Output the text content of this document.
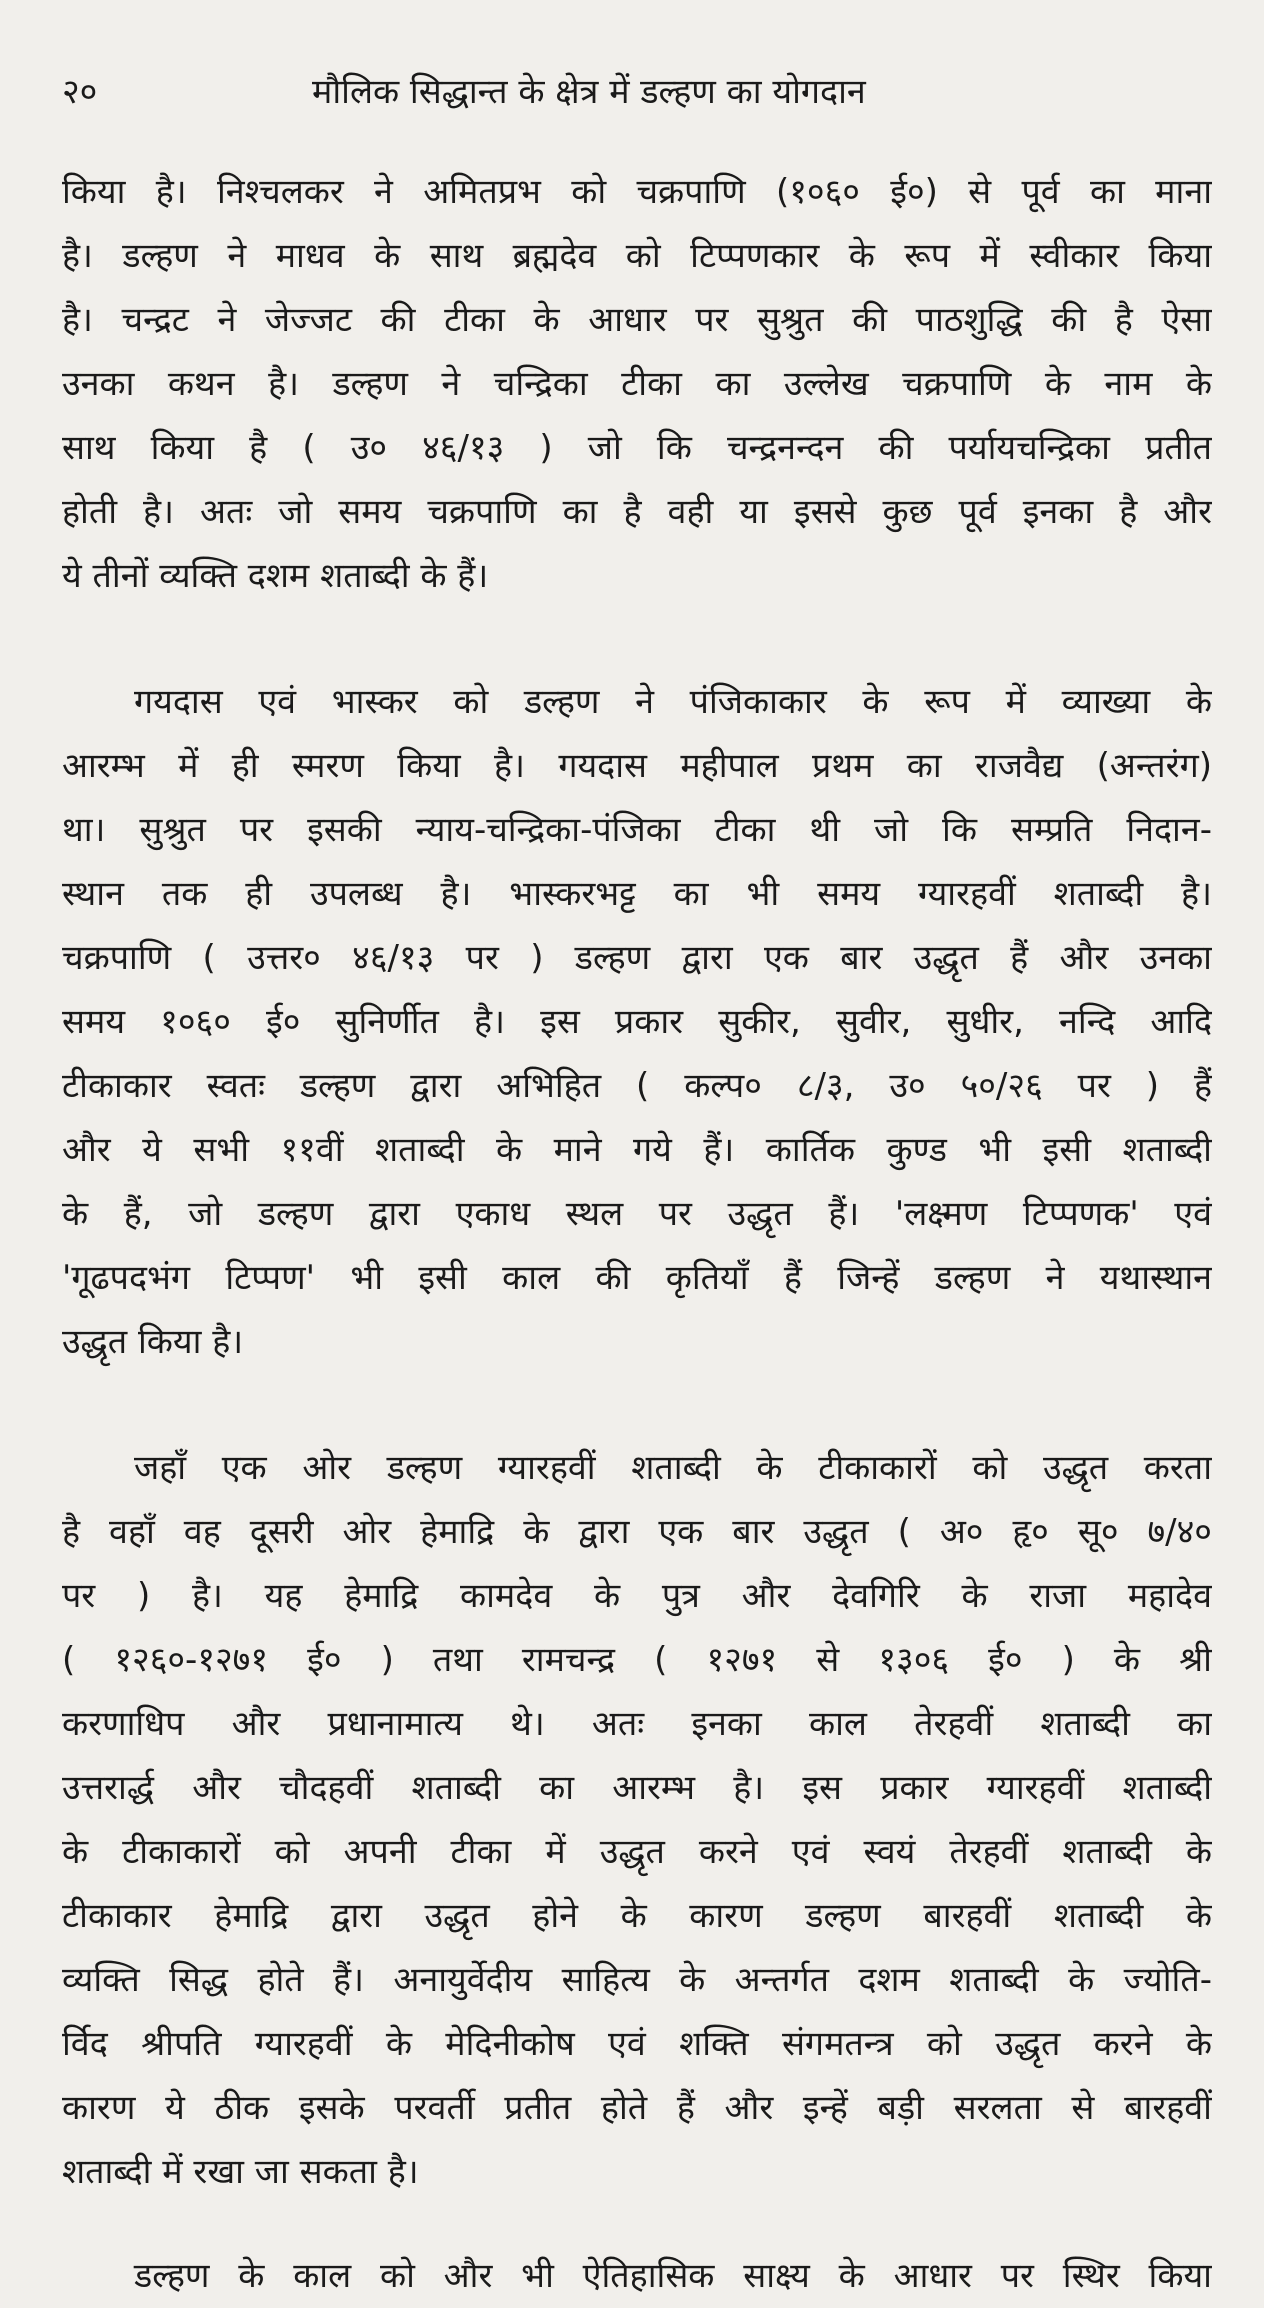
२०	मौलिक सिद्धान्त के क्षेत्र में डल्हण का योगदान
किया है। निश्चलकर ने अमितप्रभ को चक्रपाणि (१०६० ई०) से पूर्व का माना
है। डल्हण ने माधव के साथ ब्रह्मदेव को टिप्पणकार के रूप में स्वीकार किया
है। चन्द्रट ने जेज्जट की टीका के आधार पर सुश्रुत की पाठशुद्धि की है ऐसा
उनका कथन है। डल्हण ने चन्द्रिका टीका का उल्लेख चक्रपाणि के नाम के
साथ किया है ( उ० ४६/१३ ) जो कि चन्द्रनन्दन की पर्यायचन्द्रिका प्रतीत
होती है। अतः जो समय चक्रपाणि का है वही या इससे कुछ पूर्व इनका है और
ये तीनों व्यक्ति दशम शताब्दी के हैं।
गयदास एवं भास्कर को डल्हण ने पंजिकाकार के रूप में व्याख्या के
आरम्भ में ही स्मरण किया है। गयदास महीपाल प्रथम का राजवैद्य (अन्तरंग)
था। सुश्रुत पर इसकी न्याय-चन्द्रिका-पंजिका टीका थी जो कि सम्प्रति निदान-
स्थान तक ही उपलब्ध है। भास्करभट्ट का भी समय ग्यारहवीं शताब्दी है।
चक्रपाणि ( उत्तर० ४६/१३ पर ) डल्हण द्वारा एक बार उद्धृत हैं और उनका
समय १०६० ई० सुनिर्णीत है। इस प्रकार सुकीर, सुवीर, सुधीर, नन्दि आदि
टीकाकार स्वतः डल्हण द्वारा अभिहित ( कल्प० ८/३, उ० ५०/२६ पर ) हैं
और ये सभी ११वीं शताब्दी के माने गये हैं। कार्तिक कुण्ड भी इसी शताब्दी
के हैं, जो डल्हण द्वारा एकाध स्थल पर उद्धृत हैं। 'लक्ष्मण टिप्पणक' एवं
'गूढपदभंग टिप्पण' भी इसी काल की कृतियाँ हैं जिन्हें डल्हण ने यथास्थान
उद्धृत किया है।
जहाँ एक ओर डल्हण ग्यारहवीं शताब्दी के टीकाकारों को उद्धृत करता
है वहाँ वह दूसरी ओर हेमाद्रि के द्वारा एक बार उद्धृत ( अ० हृ० सू० ७/४०
पर ) है। यह हेमाद्रि कामदेव के पुत्र और देवगिरि के राजा महादेव
( १२६०-१२७१ ई० ) तथा रामचन्द्र ( १२७१ से १३०६ ई० ) के श्री
करणाधिप और प्रधानामात्य थे। अतः इनका काल तेरहवीं शताब्दी का
उत्तरार्द्ध और चौदहवीं शताब्दी का आरम्भ है। इस प्रकार ग्यारहवीं शताब्दी
के टीकाकारों को अपनी टीका में उद्धृत करने एवं स्वयं तेरहवीं शताब्दी के
टीकाकार हेमाद्रि द्वारा उद्धृत होने के कारण डल्हण बारहवीं शताब्दी के
व्यक्ति सिद्ध होते हैं। अनायुर्वेदीय साहित्य के अन्तर्गत दशम शताब्दी के ज्योति-
र्विद श्रीपति ग्यारहवीं के मेदिनीकोष एवं शक्ति संगमतन्त्र को उद्धृत करने के
कारण ये ठीक इसके परवर्ती प्रतीत होते हैं और इन्हें बड़ी सरलता से बारहवीं
शताब्दी में रखा जा सकता है।
डल्हण के काल को और भी ऐतिहासिक साक्ष्य के आधार पर स्थिर किया
